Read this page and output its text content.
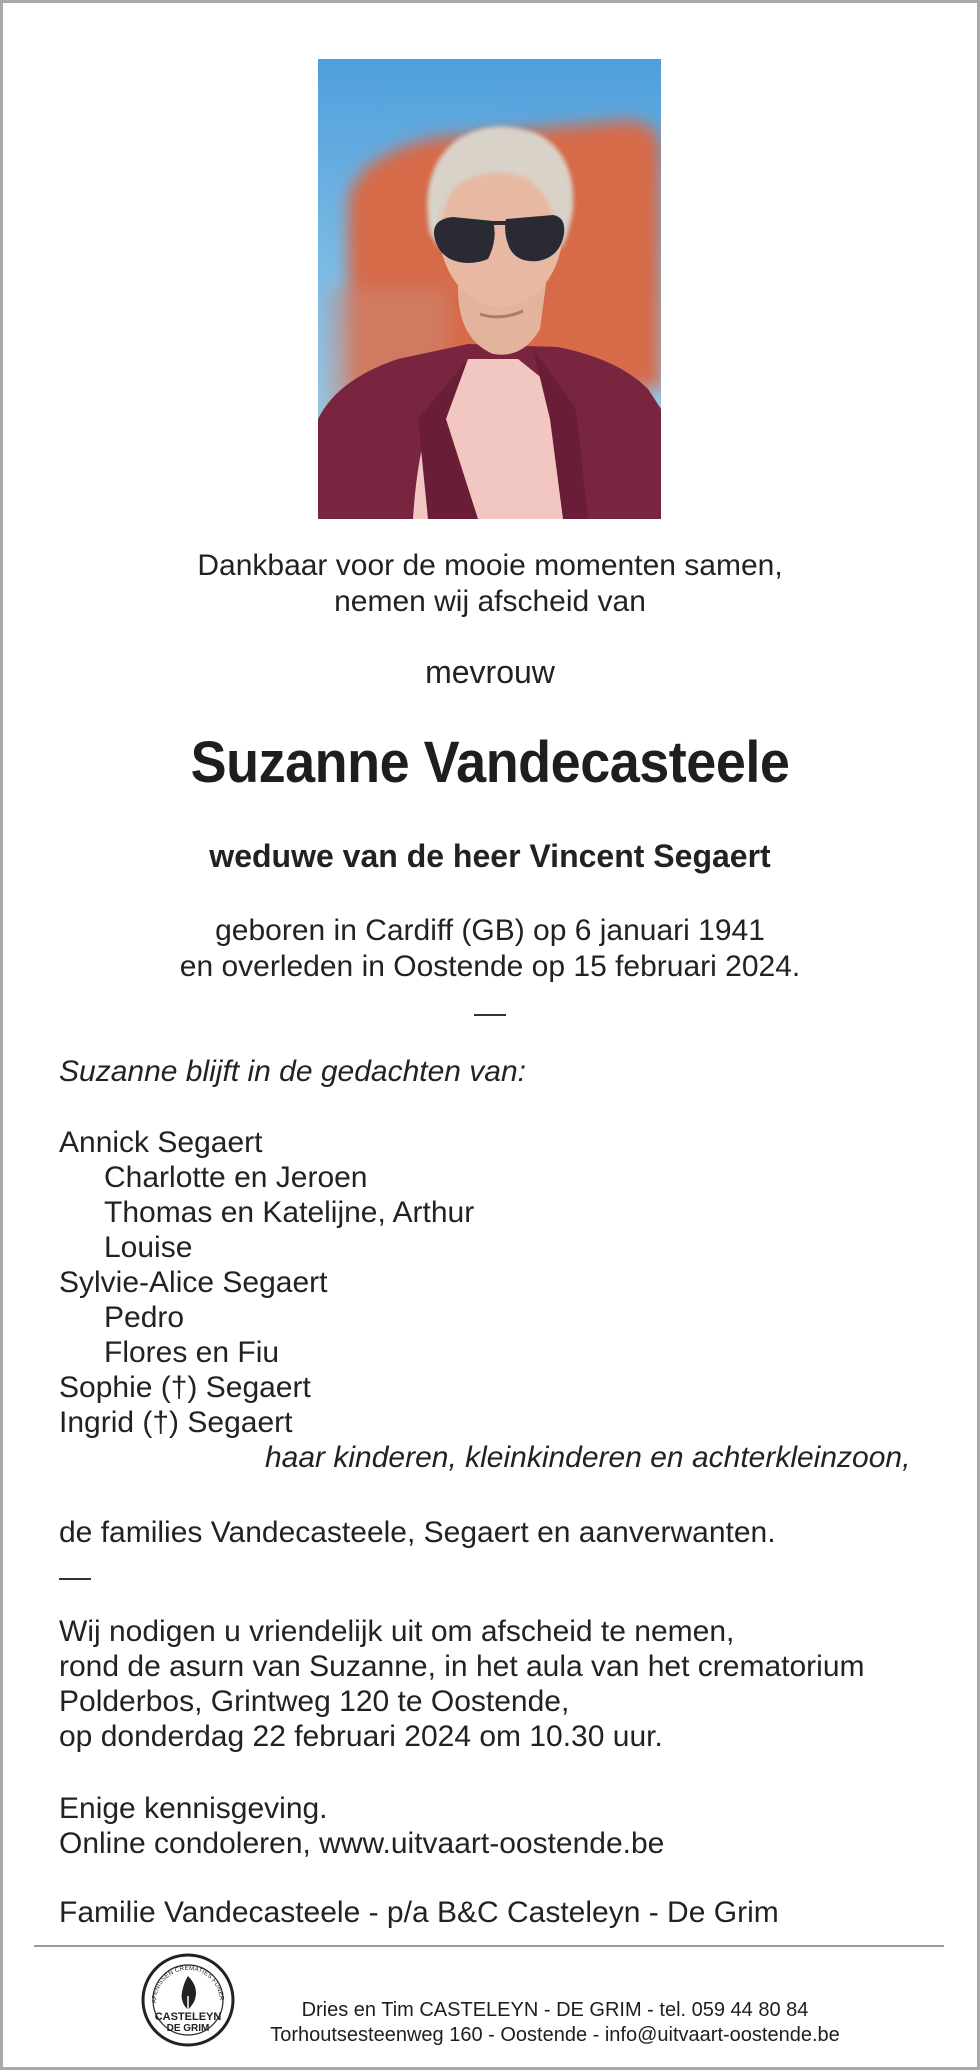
Dankbaar voor de mooie momenten samen,
nemen wij afscheid van
mevrouw
Suzanne Vandecasteele
weduwe van de heer Vincent Segaert
geboren in Cardiff (GB) op 6 januari 1941
en overleden in Oostende op 15 februari 2024.
Suzanne blijft in de gedachten van:
Annick Segaert
Charlotte en Jeroen
Thomas en Katelijne, Arthur
Louise
Sylvie-Alice Segaert
Pedro
Flores en Fiu
Sophie (†) Segaert
Ingrid (†) Segaert
haar kinderen, kleinkinderen en achterkleinzoon,
de families Vandecasteele, Segaert en aanverwanten.
Wij nodigen u vriendelijk uit om afscheid te nemen,
rond de asurn van Suzanne, in het aula van het crematorium
Polderbos, Grintweg 120 te Oostende,
op donderdag 22 februari 2024 om 10.30 uur.
Enige kennisgeving.
Online condoleren, www.uitvaart-oostende.be
Familie Vandecasteele - p/a B&C Casteleyn - De Grim
AFENISSEN CREMATIES FUNER
CASTELEYN
DE GRIM
Dries en Tim CASTELEYN - DE GRIM - tel. 059 44 80 84
Torhoutsesteenweg 160 - Oostende - info@uitvaart-oostende.be
